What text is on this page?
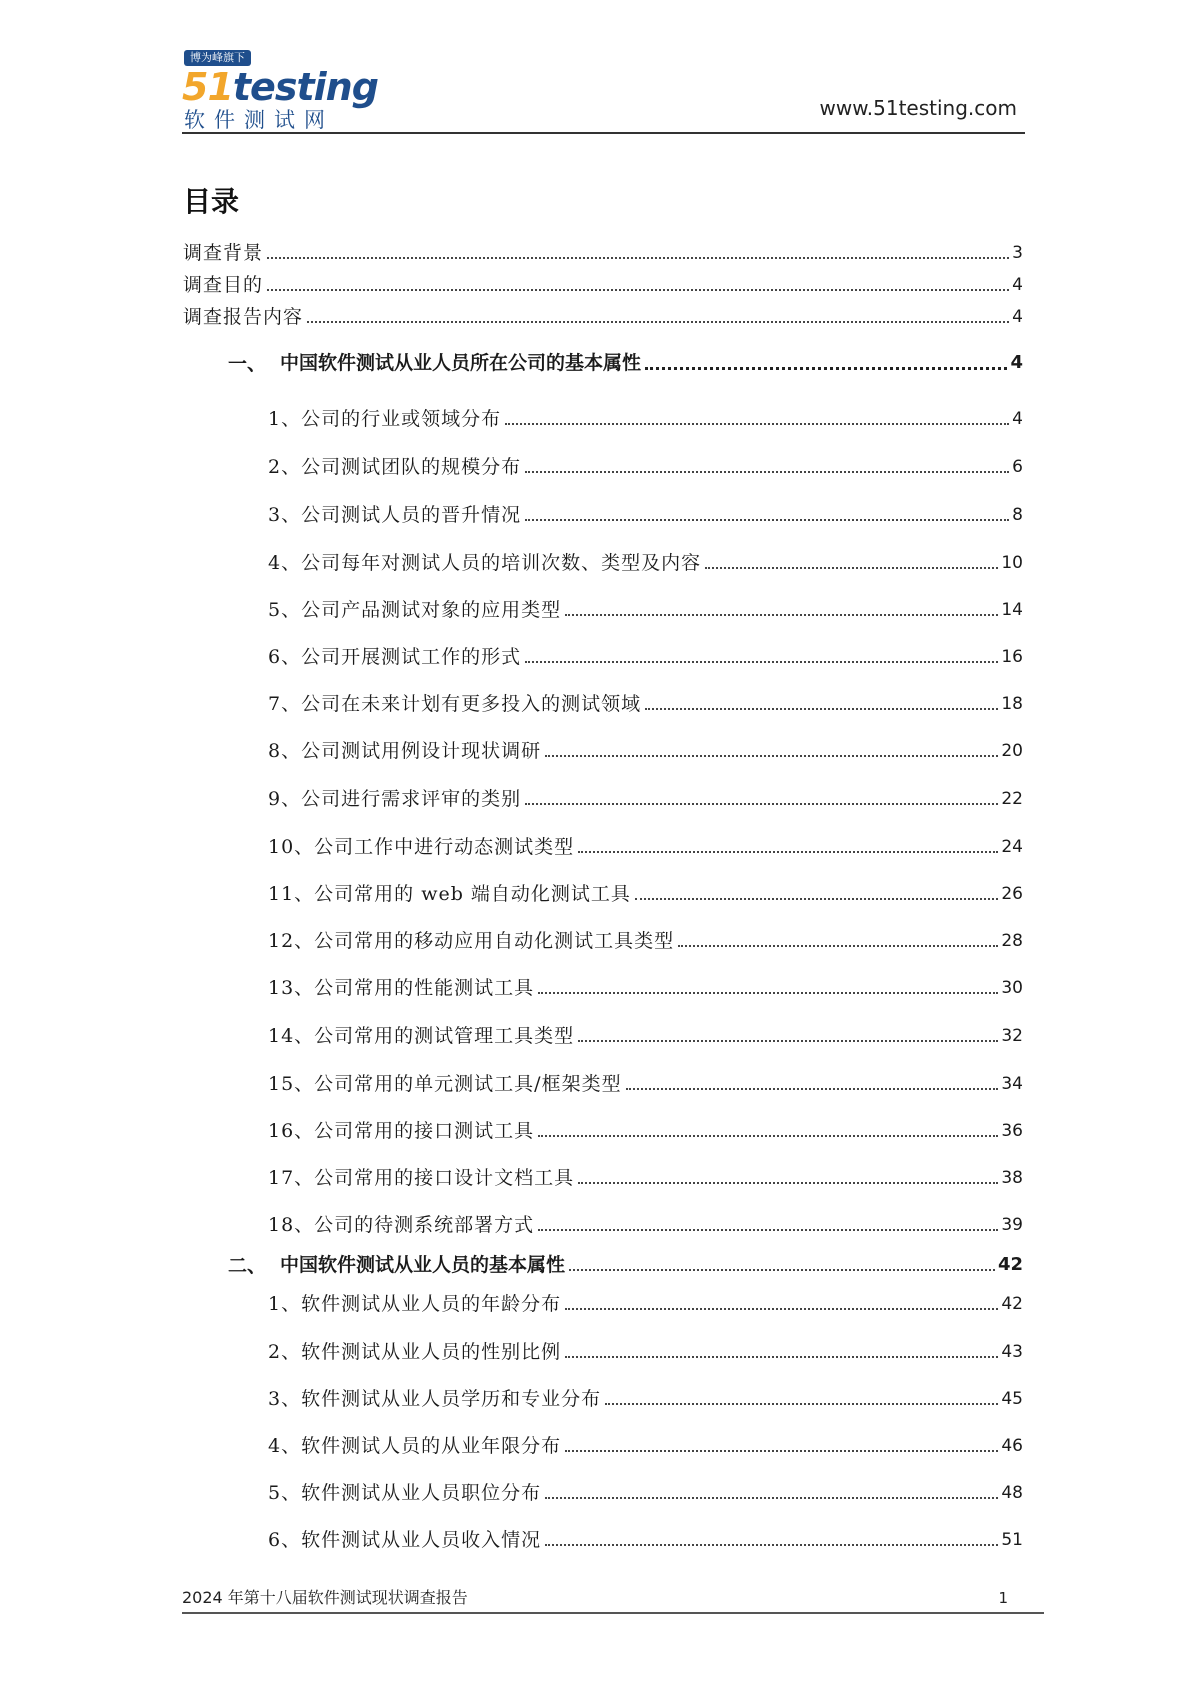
博为峰旗下
51testing
软件测试网	www.51testing.com
目录
调查背景	3
调查目的	4
调查报告内容	4
一、 中国软件测试从业人员所在公司的基本属性	4
1、公司的行业或领域分布	4
2、公司测试团队的规模分布	6
3、公司测试人员的晋升情况	8
4、公司每年对测试人员的培训次数、类型及内容	10
5、公司产品测试对象的应用类型	14
6、公司开展测试工作的形式	16
7、公司在未来计划有更多投入的测试领域	18
8、公司测试用例设计现状调研	20
9、公司进行需求评审的类别	22
10、公司工作中进行动态测试类型	24
11、公司常用的 web 端自动化测试工具	26
12、公司常用的移动应用自动化测试工具类型	28
13、公司常用的性能测试工具	30
14、公司常用的测试管理工具类型	32
15、公司常用的单元测试工具/框架类型	34
16、公司常用的接口测试工具	36
17、公司常用的接口设计文档工具	38
18、公司的待测系统部署方式	39
二、 中国软件测试从业人员的基本属性	42
1、软件测试从业人员的年龄分布	42
2、软件测试从业人员的性别比例	43
3、软件测试从业人员学历和专业分布	45
4、软件测试人员的从业年限分布	46
5、软件测试从业人员职位分布	48
6、软件测试从业人员收入情况	51
2024 年第十八届软件测试现状调查报告	1
